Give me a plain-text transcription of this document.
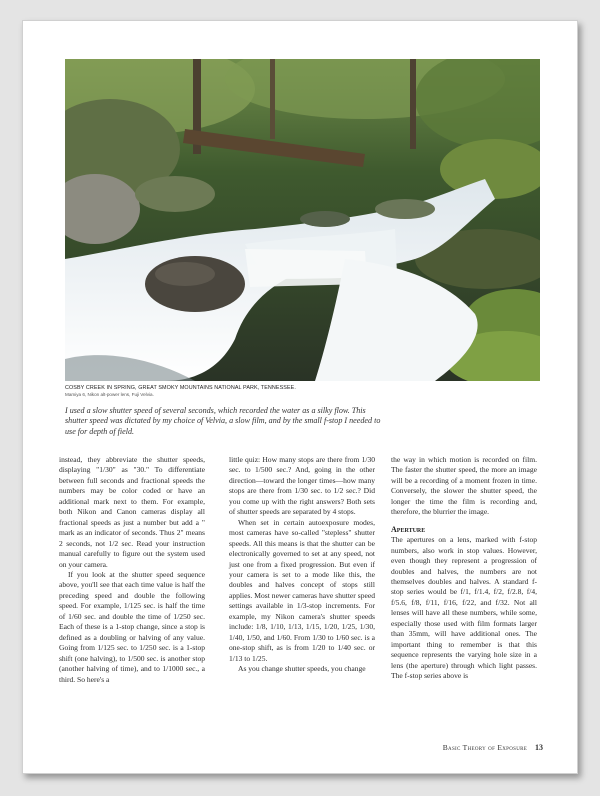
COSBY CREEK IN SPRING, GREAT SMOKY MOUNTAINS NATIONAL PARK, TENNESSEE.
Mamiya 6, Nikon alt-power lens, Fuji Velvia.
I used a slow shutter speed of several seconds, which recorded the water as a silky flow. This shutter speed was dictated by my choice of Velvia, a slow film, and by the small f-stop I needed to use for depth of field.

instead, they abbreviate the shutter speeds, displaying "1/30" as "30." To differentiate between full seconds and fractional speeds the numbers may be color coded or have an additional mark next to them. For example, both Nikon and Canon cameras display all fractional speeds as just a number but add a " mark as an indicator of seconds. Thus 2" means 2 seconds, not 1/2 sec. Read your instruction manual carefully to figure out the system used on your camera.

If you look at the shutter speed sequence above, you'll see that each time value is half the preceding speed and double the following speed. For example, 1/125 sec. is half the time of 1/60 sec. and double the time of 1/250 sec. Each of these is a 1-stop change, since a stop is defined as a doubling or halving of any value. Going from 1/125 sec. to 1/250 sec. is a 1-stop shift (one halving), to 1/500 sec. is another stop (another halving of time), and to 1/1000 sec., a third. So here's a

little quiz: How many stops are there from 1/30 sec. to 1/500 sec.? And, going in the other direction—toward the longer times—how many stops are there from 1/30 sec. to 1/2 sec.? Did you come up with the right answers? Both sets of shutter speeds are separated by 4 stops.

When set in certain autoexposure modes, most cameras have so-called "stepless" shutter speeds. All this means is that the shutter can be electronically governed to set at any speed, not just one from a fixed progression. But even if your camera is set to a mode like this, the doubles and halves concept of stops still applies. Most newer cameras have shutter speed settings available in 1/3-stop increments. For example, my Nikon camera's shutter speeds include: 1/8, 1/10, 1/13, 1/15, 1/20, 1/25, 1/30, 1/40, 1/50, and 1/60. From 1/30 to 1/60 sec. is a one-stop shift, as is from 1/20 to 1/40 sec. or 1/13 to 1/25.

As you change shutter speeds, you change

the way in which motion is recorded on film. The faster the shutter speed, the more an image will be a recording of a moment frozen in time. Conversely, the slower the shutter speed, the longer the time the film is recording and, therefore, the blurrier the image.

Aperture

The apertures on a lens, marked with f-stop numbers, also work in stop values. However, even though they represent a progression of doubles and halves, the numbers are not themselves doubles and halves. A standard f-stop series would be f/1, f/1.4, f/2, f/2.8, f/4, f/5.6, f/8, f/11, f/16, f/22, and f/32. Not all lenses will have all these numbers, while some, especially those used with film formats larger than 35mm, will have additional ones. The important thing to remember is that this sequence represents the varying hole size in a lens (the aperture) through which light passes. The f-stop series above is

Basic Theory of Exposure 13
